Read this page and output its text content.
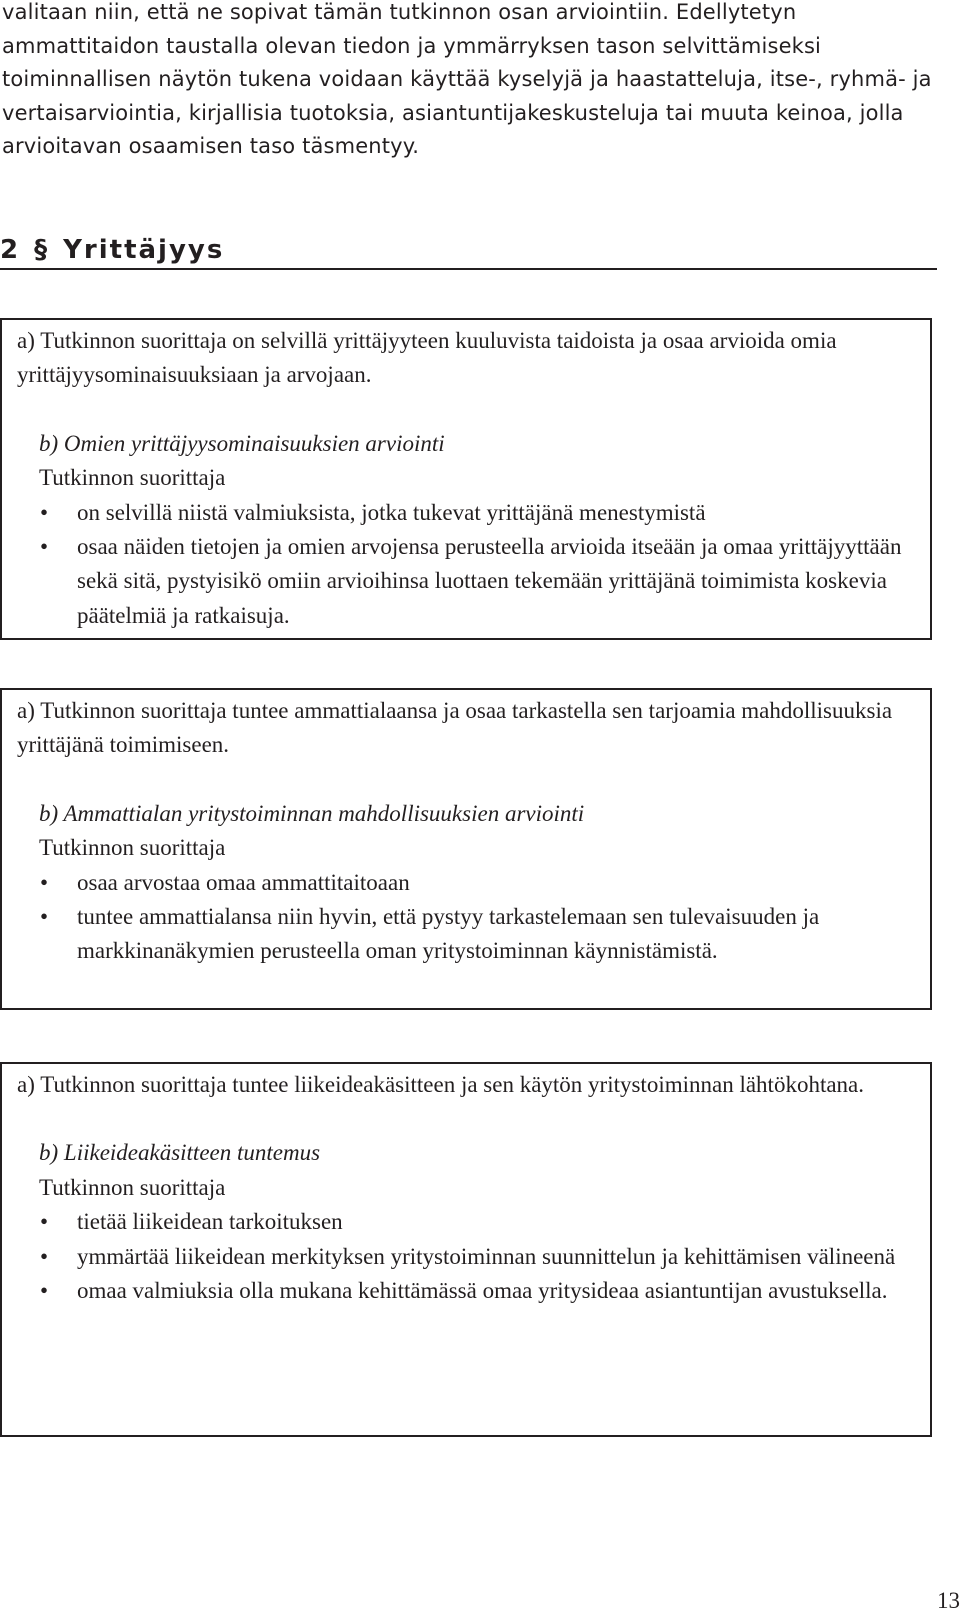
valitaan niin, että ne sopivat tämän tutkinnon osan arviointiin. Edellytetyn ammattitaidon taustalla olevan tiedon ja ymmärryksen tason selvittämiseksi toiminnallisen näytön tukena voidaan käyttää kyselyjä ja haastatteluja, itse-, ryhmä- ja vertaisarviointia, kirjallisia tuotoksia, asiantuntijakeskusteluja tai muuta keinoa, jolla arvioitavan osaamisen taso täsmentyy.

2 § Yrittäjyys

a) Tutkinnon suorittaja on selvillä yrittäjyyteen kuuluvista taidoista ja osaa arvioida omia yrittäjyysominaisuuksiaan ja arvojaan.

b) Omien yrittäjyysominaisuuksien arviointi

Tutkinnon suorittaja

• on selvillä niistä valmiuksista, jotka tukevat yrittäjänä menestymistä
• osaa näiden tietojen ja omien arvojensa perusteella arvioida itseään ja omaa yrittäjyyttään sekä sitä, pystyisikö omiin arvioihinsa luottaen tekemään yrittäjänä toimimista koskevia päätelmiä ja ratkaisuja.

a) Tutkinnon suorittaja tuntee ammattialaansa ja osaa tarkastella sen tarjoamia mahdollisuuksia yrittäjänä toimimiseen.

b) Ammattialan yritystoiminnan mahdollisuuksien arviointi

Tutkinnon suorittaja

• osaa arvostaa omaa ammattitaitoaan
• tuntee ammattialansa niin hyvin, että pystyy tarkastelemaan sen tulevaisuuden ja markkinanäkymien perusteella oman yritystoiminnan käynnistämistä.

a) Tutkinnon suorittaja tuntee liikeideakäsitteen ja sen käytön yritystoiminnan lähtökohtana.

b) Liikeideakäsitteen tuntemus

Tutkinnon suorittaja

• tietää liikeidean tarkoituksen
• ymmärtää liikeidean merkityksen yritystoiminnan suunnittelun ja kehittämisen välineenä
• omaa valmiuksia olla mukana kehittämässä omaa yritysideaa asiantuntijan avustuksella.
13
